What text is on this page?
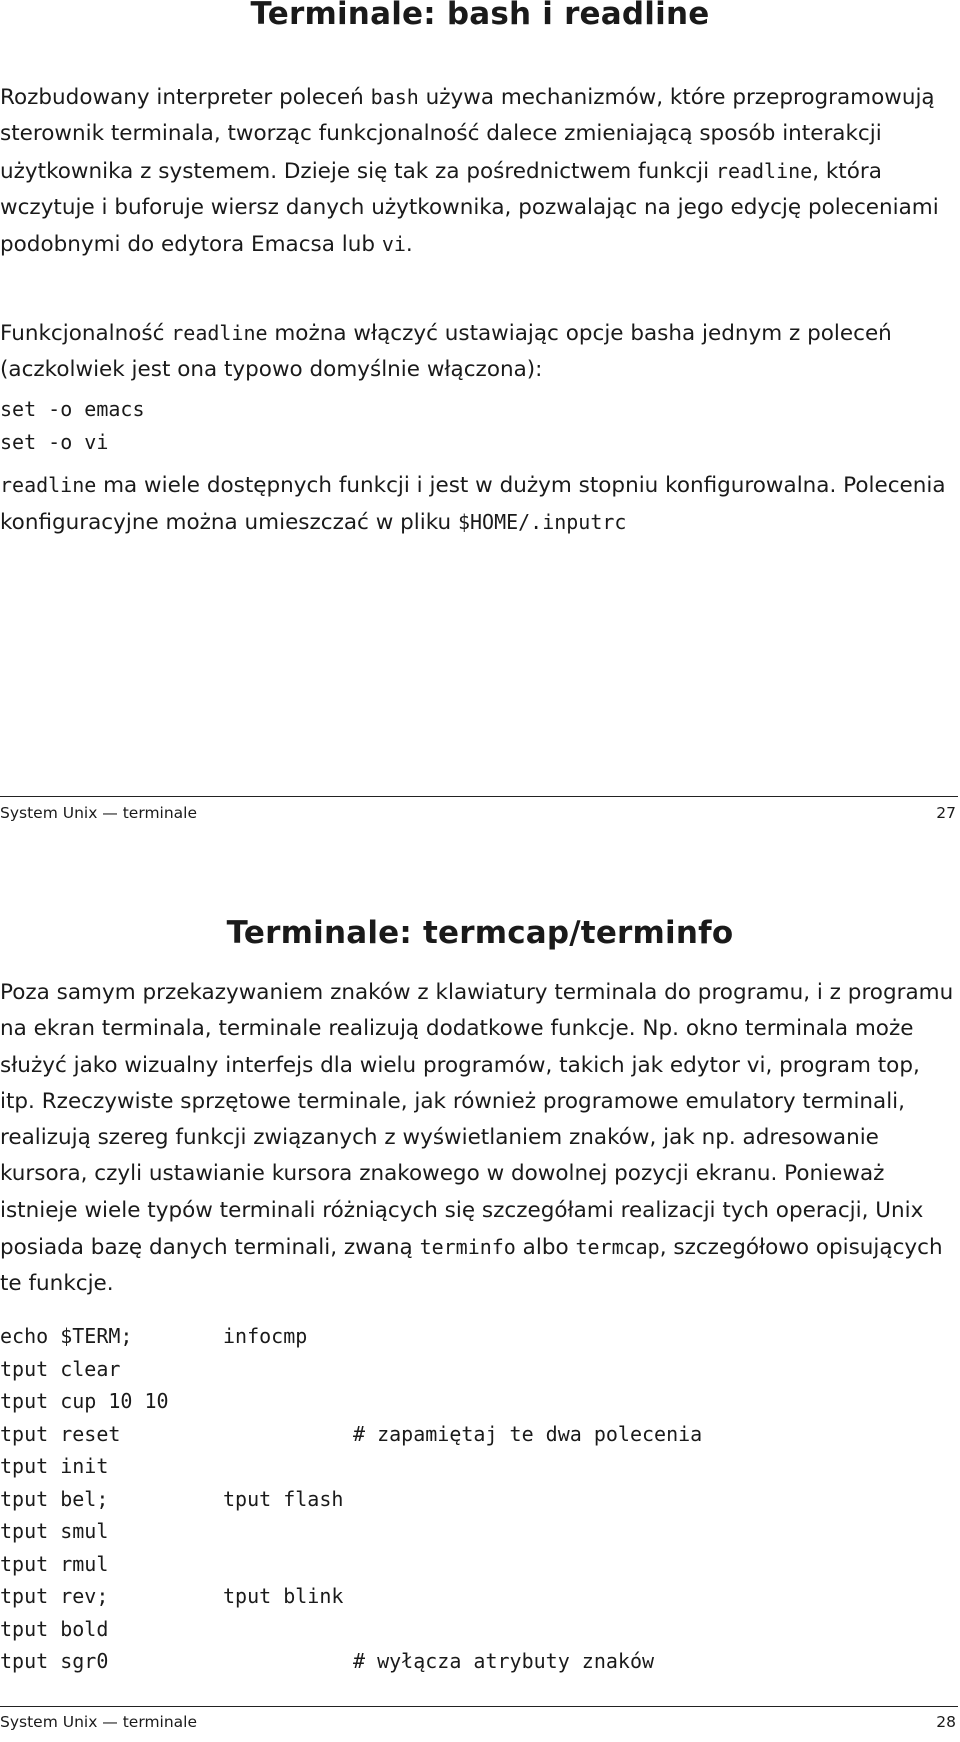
Terminale: bash i readline

Rozbudowany interpreter poleceń bash używa mechanizmów, które przeprogramowują sterownik terminala, tworząc funkcjonalność dalece zmieniającą sposób interakcji użytkownika z systemem. Dzieje się tak za pośrednictwem funkcji readline, która wczytuje i buforuje wiersz danych użytkownika, pozwalając na jego edycję poleceniami podobnymi do edytora Emacsa lub vi.

Funkcjonalność readline można włączyć ustawiając opcje basha jednym z poleceń (aczkolwiek jest ona typowo domyślnie włączona):

set -o emacs
set -o vi

readline ma wiele dostępnych funkcji i jest w dużym stopniu konfigurowalna. Polecenia konfiguracyjne można umieszczać w pliku $HOME/.inputrc

System Unix — terminale	27
Terminale: termcap/terminfo

Poza samym przekazywaniem znaków z klawiatury terminala do programu, i z programu na ekran terminala, terminale realizują dodatkowe funkcje. Np. okno terminala może służyć jako wizualny interfejs dla wielu programów, takich jak edytor vi, program top, itp. Rzeczywiste sprzętowe terminale, jak również programowe emulatory terminali, realizują szereg funkcji związanych z wyświetlaniem znaków, jak np. adresowanie kursora, czyli ustawianie kursora znakowego w dowolnej pozycji ekranu. Ponieważ istnieje wiele typów terminali różniących się szczegółami realizacji tych operacji, Unix posiada bazę danych terminali, zwaną terminfo albo termcap, szczegółowo opisujących te funkcje.

echo $TERM;	infocmp
tput clear
tput cup 10 10
tput reset	# zapamiętaj te dwa polecenia
tput init
tput bel;	tput flash
tput smul
tput rmul
tput rev;	tput blink
tput bold
tput sgr0	# wyłącza atrybuty znaków
System Unix — terminale	28
